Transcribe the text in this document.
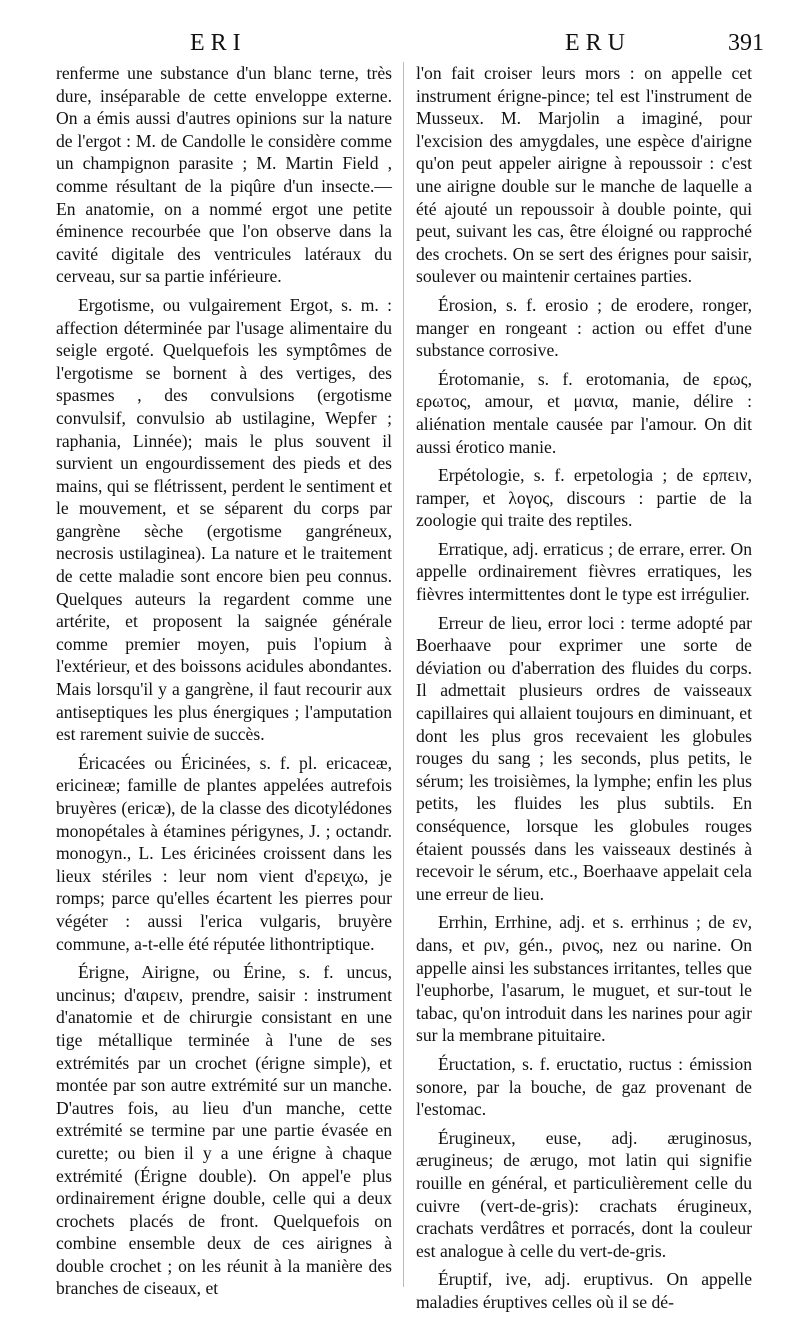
ERI	ERU	391

renferme une substance d'un blanc terne, très dure, inséparable de cette enveloppe externe. On a émis aussi d'autres opinions sur la nature de l'ergot : M. de Candolle le considère comme un champignon parasite ; M. Martin Field , comme résultant de la piqûre d'un insecte.— En anatomie, on a nommé ergot une petite éminence recourbée que l'on observe dans la cavité digitale des ventricules latéraux du cerveau, sur sa partie inférieure.

Ergotisme, ou vulgairement Ergot, s. m. : affection déterminée par l'usage alimentaire du seigle ergoté. Quelquefois les symptômes de l'ergotisme se bornent à des vertiges, des spasmes , des convulsions (ergotisme convulsif, convulsio ab ustilagine, Wepfer ; raphania, Linnée); mais le plus souvent il survient un engourdissement des pieds et des mains, qui se flétrissent, perdent le sentiment et le mouvement, et se séparent du corps par gangrène sèche (ergotisme gangréneux, necrosis ustilaginea). La nature et le traitement de cette maladie sont encore bien peu connus. Quelques auteurs la regardent comme une artérite, et proposent la saignée générale comme premier moyen, puis l'opium à l'extérieur, et des boissons acidules abondantes. Mais lorsqu'il y a gangrène, il faut recourir aux antiseptiques les plus énergiques ; l'amputation est rarement suivie de succès.

Éricacées ou Éricinées, s. f. pl. ericaceæ, ericineæ; famille de plantes appelées autrefois bruyères (ericæ), de la classe des dicotylédones monopétales à étamines périgynes, J. ; octandr. monogyn., L. Les éricinées croissent dans les lieux stériles : leur nom vient d'ερειχω, je romps; parce qu'elles écartent les pierres pour végéter : aussi l'erica vulgaris, bruyère commune, a-t-elle été réputée lithontriptique.

Érigne, Airigne, ou Érine, s. f. uncus, uncinus; d'αιρειν, prendre, saisir : instrument d'anatomie et de chirurgie consistant en une tige métallique terminée à l'une de ses extrémités par un crochet (érigne simple), et montée par son autre extrémité sur un manche. D'autres fois, au lieu d'un manche, cette extrémité se termine par une partie évasée en curette; ou bien il y a une érigne à chaque extrémité (Érigne double). On appel'e plus ordinairement érigne double, celle qui a deux crochets placés de front. Quelquefois on combine ensemble deux de ces airignes à double crochet ; on les réunit à la manière des branches de ciseaux, et

l'on fait croiser leurs mors : on appelle cet instrument érigne-pince; tel est l'instrument de Musseux. M. Marjolin a imaginé, pour l'excision des amygdales, une espèce d'airigne qu'on peut appeler airigne à repoussoir : c'est une airigne double sur le manche de laquelle a été ajouté un repoussoir à double pointe, qui peut, suivant les cas, être éloigné ou rapproché des crochets. On se sert des érignes pour saisir, soulever ou maintenir certaines parties.

Érosion, s. f. erosio ; de erodere, ronger, manger en rongeant : action ou effet d'une substance corrosive.

Érotomanie, s. f. erotomania, de ερως, ερωτος, amour, et μανια, manie, délire : aliénation mentale causée par l'amour. On dit aussi érotico manie.

Erpétologie, s. f. erpetologia ; de ερπειν, ramper, et λογος, discours : partie de la zoologie qui traite des reptiles.

Erratique, adj. erraticus ; de errare, errer. On appelle ordinairement fièvres erratiques, les fièvres intermittentes dont le type est irrégulier.

Erreur de lieu, error loci : terme adopté par Boerhaave pour exprimer une sorte de déviation ou d'aberration des fluides du corps. Il admettait plusieurs ordres de vaisseaux capillaires qui allaient toujours en diminuant, et dont les plus gros recevaient les globules rouges du sang ; les seconds, plus petits, le sérum; les troisièmes, la lymphe; enfin les plus petits, les fluides les plus subtils. En conséquence, lorsque les globules rouges étaient poussés dans les vaisseaux destinés à recevoir le sérum, etc., Boerhaave appelait cela une erreur de lieu.

Errhin, Errhine, adj. et s. errhinus ; de εν, dans, et ριν, gén., ρινος, nez ou narine. On appelle ainsi les substances irritantes, telles que l'euphorbe, l'asarum, le muguet, et sur-tout le tabac, qu'on introduit dans les narines pour agir sur la membrane pituitaire.

Éructation, s. f. eructatio, ructus : émission sonore, par la bouche, de gaz provenant de l'estomac.

Érugineux, euse, adj. æruginosus, ærugineus; de ærugo, mot latin qui signifie rouille en général, et particulièrement celle du cuivre (vert-de-gris): crachats érugineux, crachats verdâtres et porracés, dont la couleur est analogue à celle du vert-de-gris.

Éruptif, ive, adj. eruptivus. On appelle maladies éruptives celles où il se dé-
